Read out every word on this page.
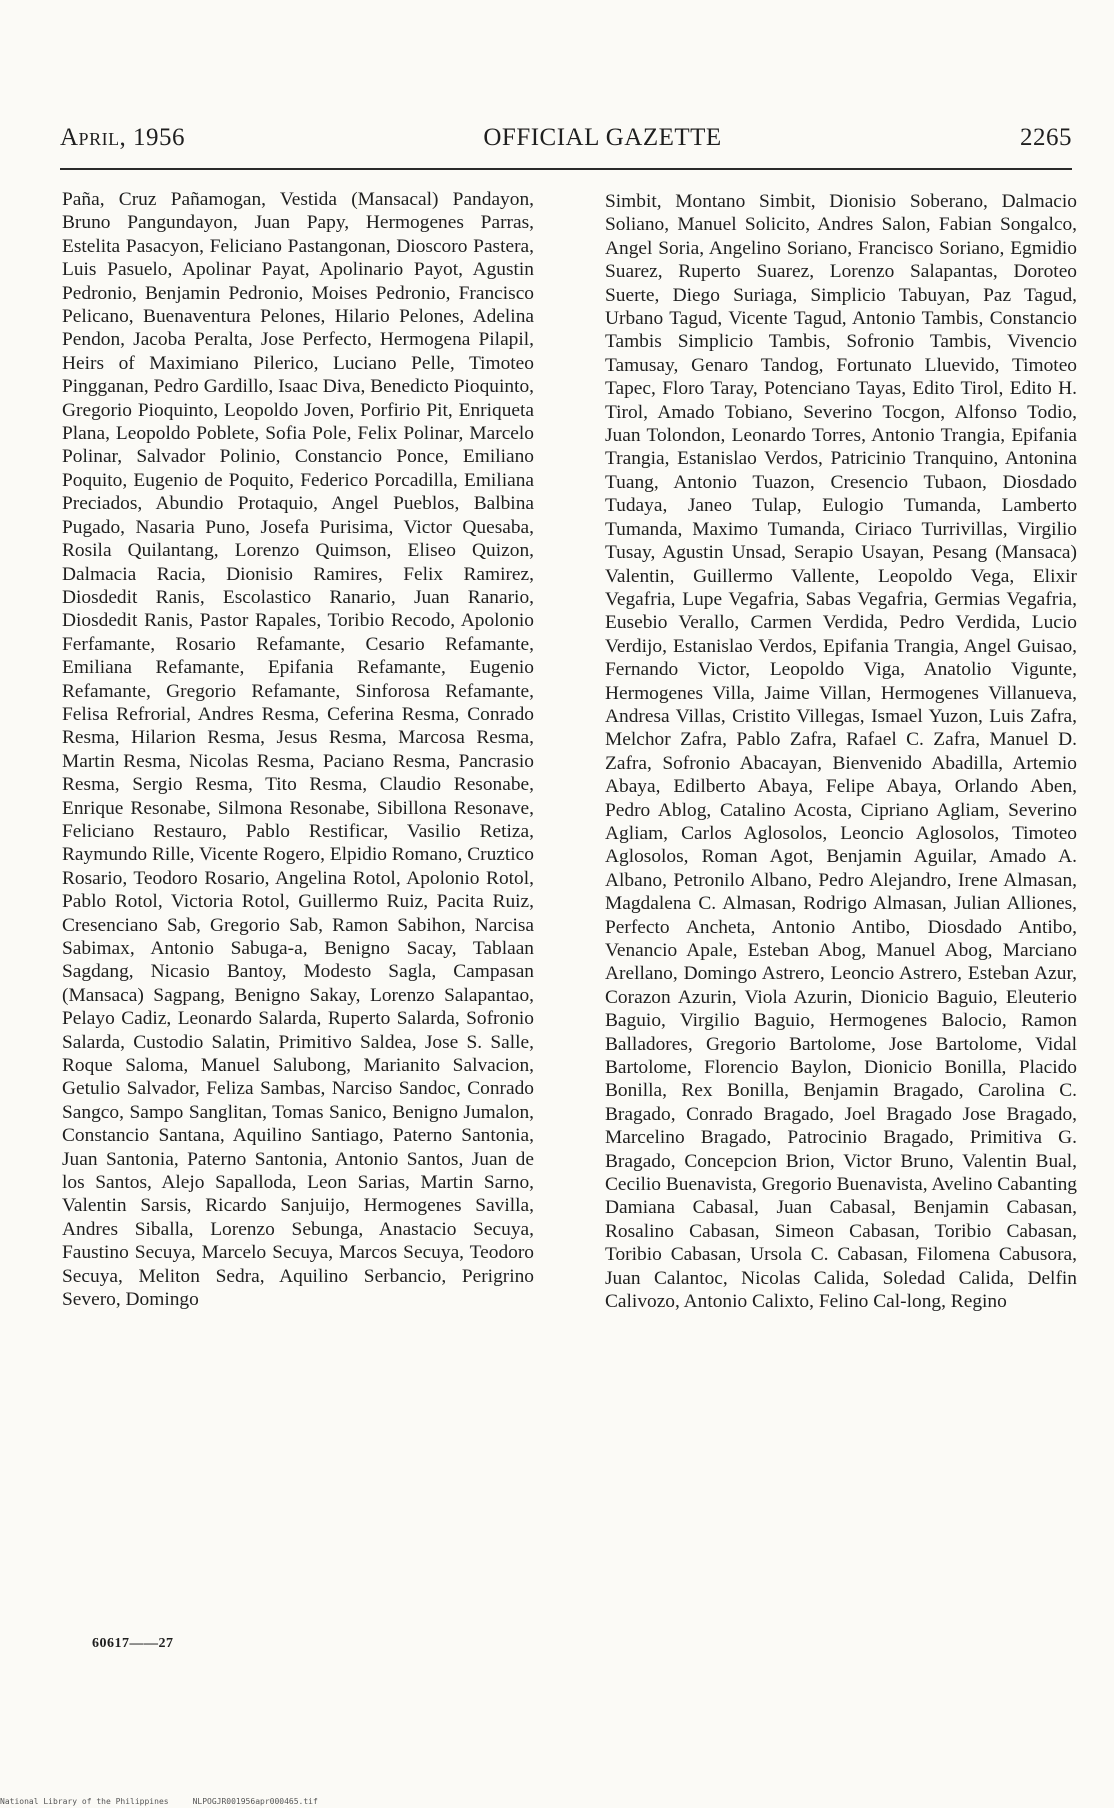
April, 1956	OFFICIAL GAZETTE	2265

Paña, Cruz Pañamogan, Vestida (Mansacal) Pandayon, Bruno Pangundayon, Juan Papy, Hermogenes Parras, Estelita Pasacyon, Feliciano Pastangonan, Dioscoro Pastera, Luis Pasuelo, Apolinar Payat, Apolinario Payot, Agustin Pedronio, Benjamin Pedronio, Moises Pedronio, Francisco Pelicano, Buenaventura Pelones, Hilario Pelones, Adelina Pendon, Jacoba Peralta, Jose Perfecto, Hermogena Pilapil, Heirs of Maximiano Pilerico, Luciano Pelle, Timoteo Pingganan, Pedro Gardillo, Isaac Diva, Benedicto Pioquinto, Gregorio Pioquinto, Leopoldo Joven, Porfirio Pit, Enriqueta Plana, Leopoldo Poblete, Sofia Pole, Felix Polinar, Marcelo Polinar, Salvador Polinio, Constancio Ponce, Emiliano Poquito, Eugenio de Poquito, Federico Porcadilla, Emiliana Preciados, Abundio Protaquio, Angel Pueblos, Balbina Pugado, Nasaria Puno, Josefa Purisima, Victor Quesaba, Rosila Quilantang, Lorenzo Quimson, Eliseo Quizon, Dalmacia Racia, Dionisio Ramires, Felix Ramirez, Diosdedit Ranis, Escolastico Ranario, Juan Ranario, Diosdedit Ranis, Pastor Rapales, Toribio Recodo, Apolonio Ferfamante, Rosario Refamante, Cesario Refamante, Emiliana Refamante, Epifania Refamante, Eugenio Refamante, Gregorio Refamante, Sinforosa Refamante, Felisa Refrorial, Andres Resma, Ceferina Resma, Conrado Resma, Hilarion Resma, Jesus Resma, Marcosa Resma, Martin Resma, Nicolas Resma, Paciano Resma, Pancrasio Resma, Sergio Resma, Tito Resma, Claudio Resonabe, Enrique Resonabe, Silmona Resonabe, Sibillona Resonave, Feliciano Restauro, Pablo Restificar, Vasilio Retiza, Raymundo Rille, Vicente Rogero, Elpidio Romano, Cruztico Rosario, Teodoro Rosario, Angelina Rotol, Apolonio Rotol, Pablo Rotol, Victoria Rotol, Guillermo Ruiz, Pacita Ruiz, Cresenciano Sab, Gregorio Sab, Ramon Sabihon, Narcisa Sabimax, Antonio Sabuga-a, Benigno Sacay, Tablaan Sagdang, Nicasio Bantoy, Modesto Sagla, Campasan (Mansaca) Sagpang, Benigno Sakay, Lorenzo Salapantao, Pelayo Cadiz, Leonardo Salarda, Ruperto Salarda, Sofronio Salarda, Custodio Salatin, Primitivo Saldea, Jose S. Salle, Roque Saloma, Manuel Salubong, Marianito Salvacion, Getulio Salvador, Feliza Sambas, Narciso Sandoc, Conrado Sangco, Sampo Sanglitan, Tomas Sanico, Benigno Jumalon, Constancio Santana, Aquilino Santiago, Paterno Santonia, Juan Santonia, Paterno Santonia, Antonio Santos, Juan de los Santos, Alejo Sapalloda, Leon Sarias, Martin Sarno, Valentin Sarsis, Ricardo Sanjuijo, Hermogenes Savilla, Andres Siballa, Lorenzo Sebunga, Anastacio Secuya, Faustino Secuya, Marcelo Secuya, Marcos Secuya, Teodoro Secuya, Meliton Sedra, Aquilino Serbancio, Perigrino Severo, Domingo

Simbit, Montano Simbit, Dionisio Soberano, Dalmacio Soliano, Manuel Solicito, Andres Salon, Fabian Songalco, Angel Soria, Angelino Soriano, Francisco Soriano, Egmidio Suarez, Ruperto Suarez, Lorenzo Salapantas, Doroteo Suerte, Diego Suriaga, Simplicio Tabuyan, Paz Tagud, Urbano Tagud, Vicente Tagud, Antonio Tambis, Constancio Tambis Simplicio Tambis, Sofronio Tambis, Vivencio Tamusay, Genaro Tandog, Fortunato Lluevido, Timoteo Tapec, Floro Taray, Potenciano Tayas, Edito Tirol, Edito H. Tirol, Amado Tobiano, Severino Tocgon, Alfonso Todio, Juan Tolondon, Leonardo Torres, Antonio Trangia, Epifania Trangia, Estanislao Verdos, Patricinio Tranquino, Antonina Tuang, Antonio Tuazon, Cresencio Tubaon, Diosdado Tudaya, Janeo Tulap, Eulogio Tumanda, Lamberto Tumanda, Maximo Tumanda, Ciriaco Turrivillas, Virgilio Tusay, Agustin Unsad, Serapio Usayan, Pesang (Mansaca) Valentin, Guillermo Vallente, Leopoldo Vega, Elixir Vegafria, Lupe Vegafria, Sabas Vegafria, Germias Vegafria, Eusebio Verallo, Carmen Verdida, Pedro Verdida, Lucio Verdijo, Estanislao Verdos, Epifania Trangia, Angel Guisao, Fernando Victor, Leopoldo Viga, Anatolio Vigunte, Hermogenes Villa, Jaime Villan, Hermogenes Villanueva, Andresa Villas, Cristito Villegas, Ismael Yuzon, Luis Zafra, Melchor Zafra, Pablo Zafra, Rafael C. Zafra, Manuel D. Zafra, Sofronio Abacayan, Bienvenido Abadilla, Artemio Abaya, Edilberto Abaya, Felipe Abaya, Orlando Aben, Pedro Ablog, Catalino Acosta, Cipriano Agliam, Severino Agliam, Carlos Aglosolos, Leoncio Aglosolos, Timoteo Aglosolos, Roman Agot, Benjamin Aguilar, Amado A. Albano, Petronilo Albano, Pedro Alejandro, Irene Almasan, Magdalena C. Almasan, Rodrigo Almasan, Julian Alliones, Perfecto Ancheta, Antonio Antibo, Diosdado Antibo, Venancio Apale, Esteban Abog, Manuel Abog, Marciano Arellano, Domingo Astrero, Leoncio Astrero, Esteban Azur, Corazon Azurin, Viola Azurin, Dionicio Baguio, Eleuterio Baguio, Virgilio Baguio, Hermogenes Balocio, Ramon Balladores, Gregorio Bartolome, Jose Bartolome, Vidal Bartolome, Florencio Baylon, Dionicio Bonilla, Placido Bonilla, Rex Bonilla, Benjamin Bragado, Carolina C. Bragado, Conrado Bragado, Joel Bragado Jose Bragado, Marcelino Bragado, Patrocinio Bragado, Primitiva G. Bragado, Concepcion Brion, Victor Bruno, Valentin Bual, Cecilio Buenavista, Gregorio Buenavista, Avelino Cabanting Damiana Cabasal, Juan Cabasal, Benjamin Cabasan, Rosalino Cabasan, Simeon Cabasan, Toribio Cabasan, Toribio Cabasan, Ursola C. Cabasan, Filomena Cabusora, Juan Calantoc, Nicolas Calida, Soledad Calida, Delfin Calivozo, Antonio Calixto, Felino Cal-long, Regino

60617——27
National Library of the Philippines	NLPOGJR001956apr000465.tif
